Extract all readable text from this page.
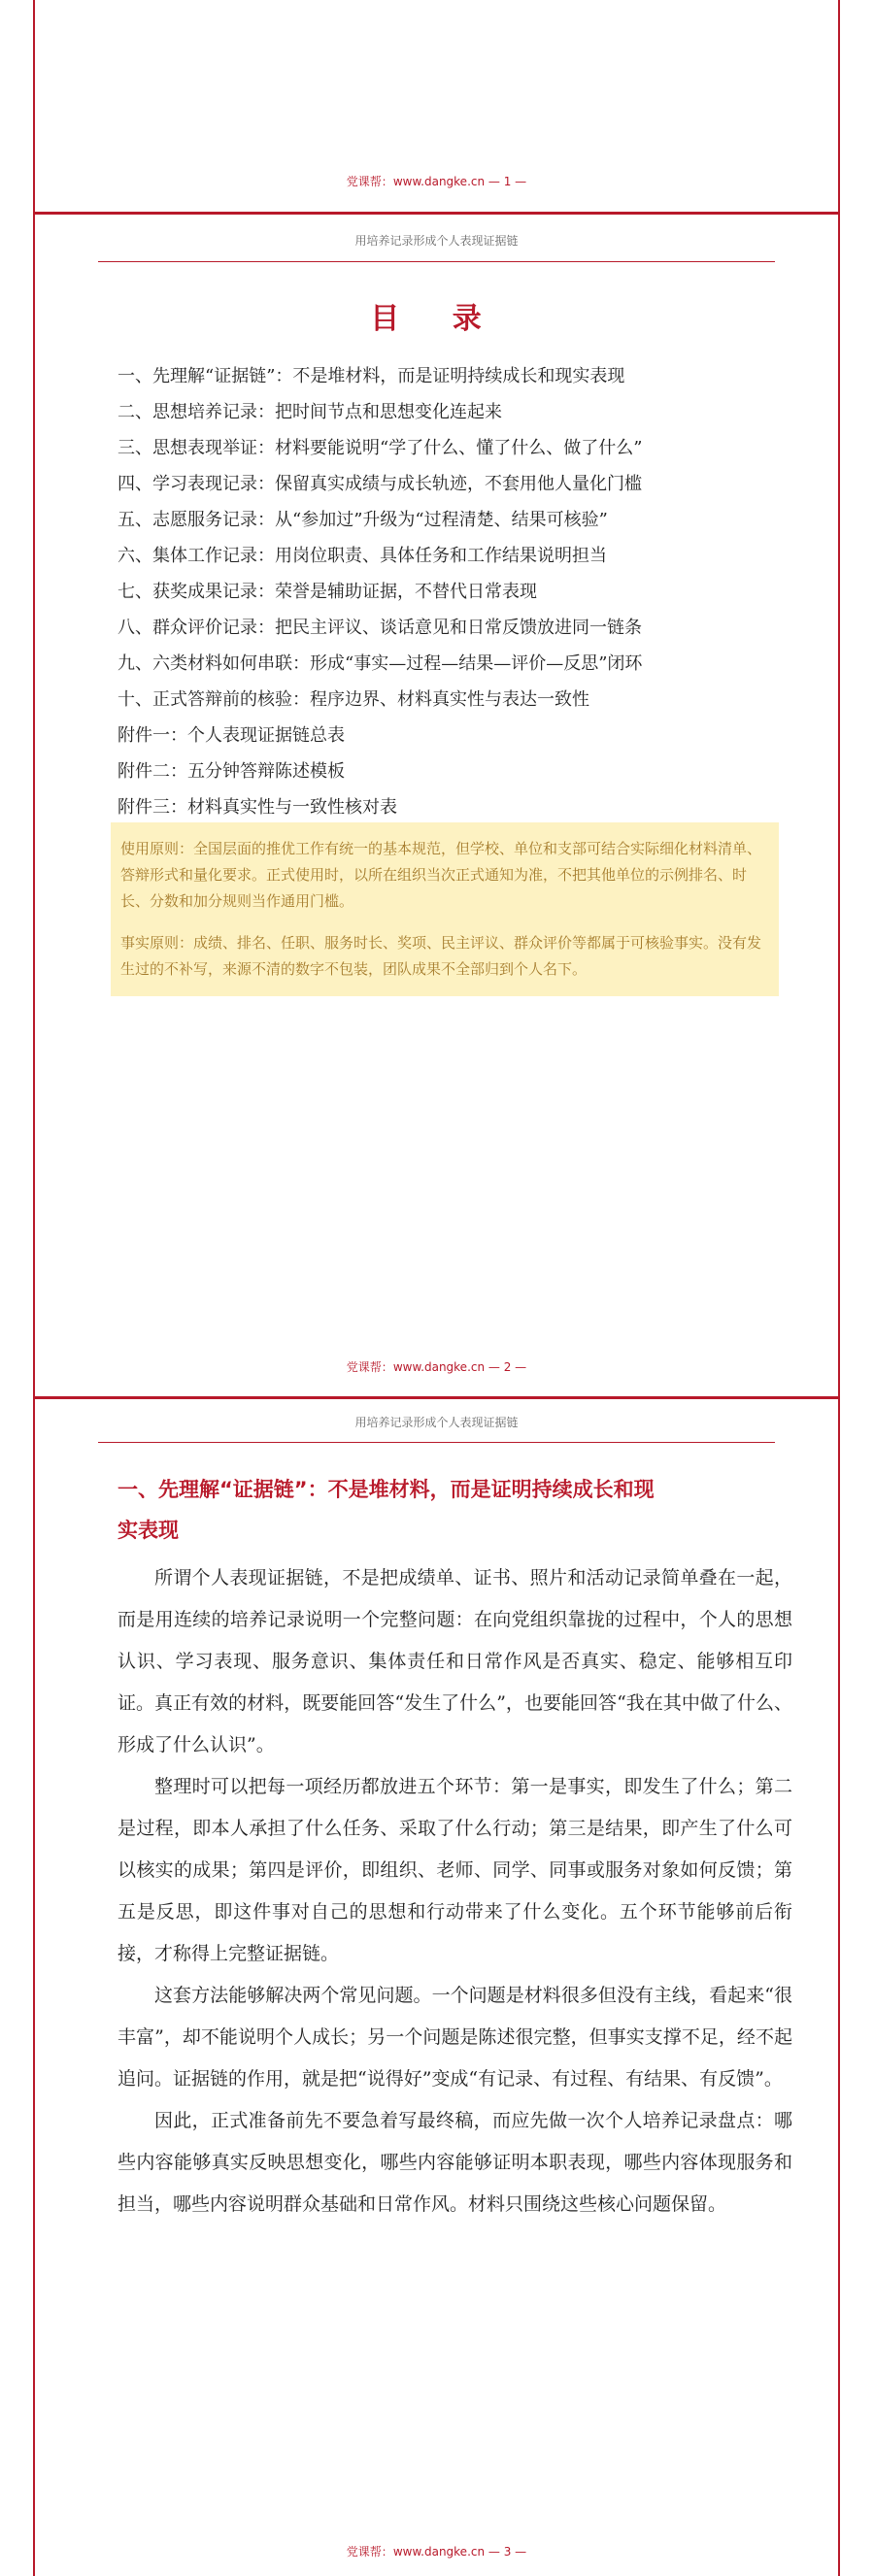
党课帮：www.dangke.cn — 1 —
用培养记录形成个人表现证据链
目 录
一、先理解“证据链”：不是堆材料，而是证明持续成长和现实表现
二、思想培养记录：把时间节点和思想变化连起来
三、思想表现举证：材料要能说明“学了什么、懂了什么、做了什么”
四、学习表现记录：保留真实成绩与成长轨迹，不套用他人量化门槛
五、志愿服务记录：从“参加过”升级为“过程清楚、结果可核验”
六、集体工作记录：用岗位职责、具体任务和工作结果说明担当
七、获奖成果记录：荣誉是辅助证据，不替代日常表现
八、群众评价记录：把民主评议、谈话意见和日常反馈放进同一链条
九、六类材料如何串联：形成“事实—过程—结果—评价—反思”闭环
十、正式答辩前的核验：程序边界、材料真实性与表达一致性
附件一：个人表现证据链总表
附件二：五分钟答辩陈述模板
附件三：材料真实性与一致性核对表

使用原则：全国层面的推优工作有统一的基本规范，但学校、单位和支部可结合实际细化材料清单、答辩形式和量化要求。正式使用时，以所在组织当次正式通知为准，不把其他单位的示例排名、时长、分数和加分规则当作通用门槛。

事实原则：成绩、排名、任职、服务时长、奖项、民主评议、群众评价等都属于可核验事实。没有发生过的不补写，来源不清的数字不包装，团队成果不全部归到个人名下。

党课帮：www.dangke.cn — 2 —
用培养记录形成个人表现证据链
一、先理解“证据链”：不是堆材料，而是证明持续成长和现
实表现

所谓个人表现证据链，不是把成绩单、证书、照片和活动记录简单叠在一起，而是用连续的培养记录说明一个完整问题：在向党组织靠拢的过程中，个人的思想认识、学习表现、服务意识、集体责任和日常作风是否真实、稳定、能够相互印证。真正有效的材料，既要能回答“发生了什么”，也要能回答“我在其中做了什么、形成了什么认识”。

整理时可以把每一项经历都放进五个环节：第一是事实，即发生了什么；第二是过程，即本人承担了什么任务、采取了什么行动；第三是结果，即产生了什么可以核实的成果；第四是评价，即组织、老师、同学、同事或服务对象如何反馈；第五是反思，即这件事对自己的思想和行动带来了什么变化。五个环节能够前后衔接，才称得上完整证据链。

这套方法能够解决两个常见问题。一个问题是材料很多但没有主线，看起来“很丰富”，却不能说明个人成长；另一个问题是陈述很完整，但事实支撑不足，经不起追问。证据链的作用，就是把“说得好”变成“有记录、有过程、有结果、有反馈”。

因此，正式准备前先不要急着写最终稿，而应先做一次个人培养记录盘点：哪些内容能够真实反映思想变化，哪些内容能够证明本职表现，哪些内容体现服务和担当，哪些内容说明群众基础和日常作风。材料只围绕这些核心问题保留。

党课帮：www.dangke.cn — 3 —
